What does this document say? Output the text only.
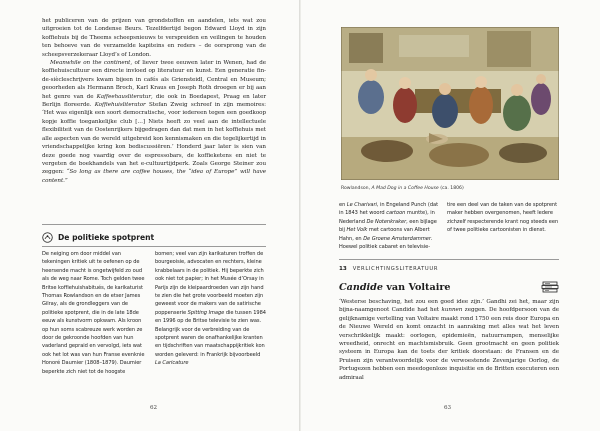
het publiceren van de prijzen van grondstoffen en aandelen, iets wat zou uitgroeien tot de Londense Beurs. Tezelfdertijd begon Edward Lloyd in zijn koffiehuis bij de Theems scheepsnieuws te verspreiden en veilingen te houden ten behoeve van de verzamelde kapiteins en reders – de oorsprong van de scheepsverzekeraar Lloyd’s of London.

Meanwhile on the continent, of liever twee eeuwen later in Wenen, had de koffiehuiscultuur een directe invloed op literatuur en kunst. Een generatie fin-de-siècleschrijvers kwam bijeen in cafés als Griensteidl, Central en Museum; geoorheden als Hermann Broch, Karl Kraus en Joseph Roth droegen er bij aan het genre van de Kaffeehausliteratur, die ook in Boedapest, Praag en later Berlijn floreerde. Koffiehuisliterator Stefan Zweig schreef in zijn memoires: ‘Het was eigenlijk een soort democratische, voor iedereen tegen een goedkoop kopje koffie toegankelijke club […] Niets heeft zo veel aan de intellectuele flexibiliteit van de Oostenrijkers bijgedragen dan dat men in het koffiehuis met alle aspecten van de wereld uitgebreid kon kennismaken en die tegelijkertijd in vriendschappelijke kring kon bediscussiëren.’ Honderd jaar later is sien van deze goede nog vaardig over de espressobars, de koffieketens en niet te vergeten de boekhandels van het e-cultuurtijdperk. Zoals George Steiner zou zeggen: “So long as there are coffee houses, the “idea of Europe” will have content.”

De politieke spotprent

De neiging om door middel van tekeningen kritiek uit te oefenen op de heersende macht is ongetwijfeld zo oud als de weg naar Rome. Toch gelden twee Britse koffiehuishabitués, de karikaturist Thomas Rowlandson en de etser James Gilray, als de grondleggers van de politieke spotprent, die in de late 18de eeuw als kunstvorm opkwam. Als kroon op hun soms scabreuze werk worden ze door de gekroonde hoofden van hun vaderland gepraid en vervolgd, iets wat ook het lot was van hun Franse evenknie Honoré Daumier (1808–1879). Daumier beperkte zich niet tot de hoogste

bomen; veel van zijn karikaturen troffen de bourgeoisie, advocaten en rechters, kleine krabbelaars in de politiek. Hij beperkte zich ook niet tot papier; in het Musée d’Orsay in Parijs zijn de kleipaardroeden van zijn hand te zien die het grote voorbeeld moeten zijn geweest voor de makers van de satirische poppenserie Spitting Image die tussen 1984 en 1996 op de Britse televisie te zien was. Belangrijk voor de verbreiding van de spotprent waren de onafhankelijke kranten en tijdschriften van maatschappijkritiek kon worden geleverd: in Frankrijk bijvoorbeeld La Caricature

62
Rowlandson, A Mad Dog in a Coffee House (ca. 1806)

en Le Charivari, in Engeland Punch (dat in 1843 het woord cartoon muntte), in Nederland De Notenkraker, een bijlage bij Het Volk met cartoons van Albert Hahn, en De Groene Amsterdammer. Hoewel politiek cabaret en televisie-

tire een deel van de taken van de spotprent maker hebben overgenomen, heeft ledere zichzelf respecterende krant nog steeds een of twee politieke cartoonisten in dienst.

13 VERLICHTINGSLITERATUUR
Candide van Voltaire

‘Westerse beschaving, het zou een goed idee zijn.’ Gandhi zei het, maar zijn bijna-naamgenoot Candide had het kunnen zeggen. De hoofdpersoon van de gelijknamige vertelling van Voltaire maakt rond 1750 een reis door Europa en de Nieuwe Wereld en komt onzacht in aanraking met alles wat het leven verschrikkelijk maakt: oorlogen, epidemieën, natuurrampen, menselijke wreedheid, onrecht en machtsmisbruik. Geen grootmacht en geen politiek systeem in Europa kan de toets der kritiek doorstaan: de Fransen en de Pruisen zijn verantwoordelijk voor de verwoestende Zevenjarige Oorlog, de Portugezen hebben een meedogenloze inquisitie en de Britten executeren een admiraal

63
